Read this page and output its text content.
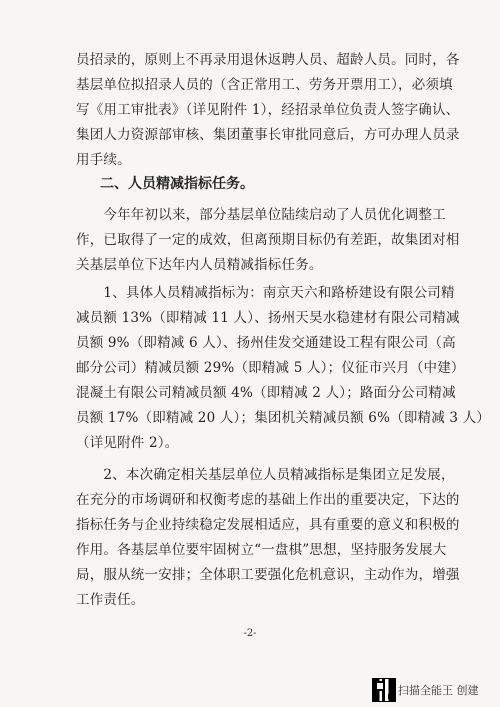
员招录的，原则上不再录用退休返聘人员、超龄人员。同时，各

基层单位拟招录人员的（含正常用工、劳务开票用工），必须填

写《用工审批表》（详见附件 1），经招录单位负责人签字确认、

集团人力资源部审核、集团董事长审批同意后，方可办理人员录

用手续。

二、人员精减指标任务。

　　今年年初以来，部分基层单位陆续启动了人员优化调整工

作，已取得了一定的成效，但离预期目标仍有差距，故集团对相

关基层单位下达年内人员精减指标任务。

　　1、具体人员精减指标为：南京天六和路桥建设有限公司精

减员额 13%（即精减 11 人）、扬州天昊水稳建材有限公司精减

员额 9%（即精减 6 人）、扬州佳发交通建设工程有限公司（高

邮分公司）精减员额 29%（即精减 5 人）；仪征市兴月（中建）

混凝土有限公司精减员额 4%（即精减 2 人）；路面分公司精减

员额 17%（即精减 20 人）；集团机关精减员额 6%（即精减 3 人）

（详见附件 2）。

　　2、本次确定相关基层单位人员精减指标是集团立足发展，

在充分的市场调研和权衡考虑的基础上作出的重要决定，下达的

指标任务与企业持续稳定发展相适应，具有重要的意义和积极的

作用。各基层单位要牢固树立“一盘棋”思想，坚持服务发展大

局，服从统一安排；全体职工要强化危机意识，主动作为，增强

工作责任。

-2-
扫描全能王 创建
